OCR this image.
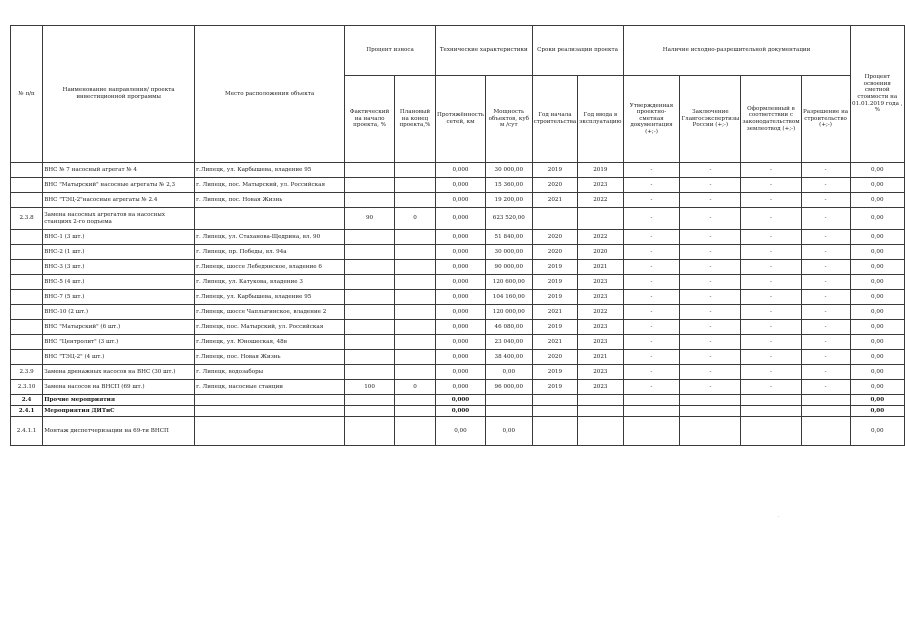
№ п/п	Наименование направления/ проекта инвестиционной программы	Место расположения объекта	Процент износа		Технические характеристики		Сроки реализации проекта		Наличие исходно-разрешительной документации				Процент освоения сметной стоимости на 01.01.2019 года , %
			Фактический на начало проекта, %	Плановый на конец проекта,%	Протяжённость сетей, км	Мощность объектов, куб м /сут	Год начала строительства	Год ввода в эксплуатацию	Утвержденная проектно-сметная документация (+;-)	Заключение Главгосэкспертизы России (+;-)	Оформленный в соответствии с законодательством землеотвод (+;-)	Разрешение на строительство (+;-)	
	ВНС № 7 насосный агрегат № 4	г.Липецк, ул. Карбышева, владение 95			0,000	30 000,00	2019	2019	-	-	-	-	0,00
	ВНС "Матырский" насосные агрегаты № 2,3	г. Липецк, пос. Матырский, ул. Российская			0,000	15 360,00	2020	2023	-	-	-	-	0,00
	ВНС "ТЭЦ-2"насосные агрегаты № 2.4	г. Липецк, пос. Новая Жизнь			0,000	19 200,00	2021	2022	-	-	-	-	0,00
2.3.8	Замена насосных агрегатов на насосных станциях 2-го подъема		90	0	0,000	623 520,00			-	-	-	-	0,00
	ВНС-1 (3 шт.)	г. Липецк, ул. Стаханова-Щедрина, вл. 90			0,000	51 840,00	2020	2022	-	-	-	-	0,00
	ВНС-2 (1 шт.)	г. Липецк, пр. Победы, вл. 94а			0,000	30 000,00	2020	2020	-	-	-	-	0,00
	ВНС-3 (3 шт.)	г.Липецк, шоссе Лебедянское, владение 6			0,000	90 000,00	2019	2021	-	-	-	-	0,00
	ВНС-5 (4 шт.)	г. Липецк, ул. Катукова, владение 3			0,000	120 600,00	2019	2023	-	-	-	-	0,00
	ВНС-7 (5 шт.)	г.Липецк, ул. Карбышева, владение 95			0,000	104 160,00	2019	2023	-	-	-	-	0,00
	ВНС-10 (2 шт.)	г.Липецк, шоссе Чаплыгинское, владение 2			0,000	120 000,00	2021	2022	-	-	-	-	0,00
	ВНС "Матырский" (6 шт.)	г.Липецк, пос. Матырский, ул. Российская			0,000	46 080,00	2019	2023	-	-	-	-	0,00
	ВНС "Центролит" (3 шт.)	г.Липецк, ул. Юношеская, 48в			0,000	23 040,00	2021	2023	-	-	-	-	0,00
	ВНС "ТЭЦ-2" (4 шт.)	г.Липецк, пос. Новая Жизнь			0,000	38 400,00	2020	2021	-	-	-	-	0,00
2.3.9	Замена дренажных насосов на ВНС (30 шт.)	г. Липецк, водозаборы			0,000	0,00	2019	2023	-	-	-	-	0,00
2.3.10	Замена насосов на ВНСП (69 шт.)	г. Липецк, насосные станции	100	0	0,000	96 000,00	2019	2023	-	-	-	-	0,00
2.4	Прочие мероприятия				0,000								0,00
2.4.1	Мероприятия ДИТиС				0,000								0,00
2.4.1.1	Монтаж диспетчеризации на 69-ти ВНСП				0,00	0,00							0,00
.
